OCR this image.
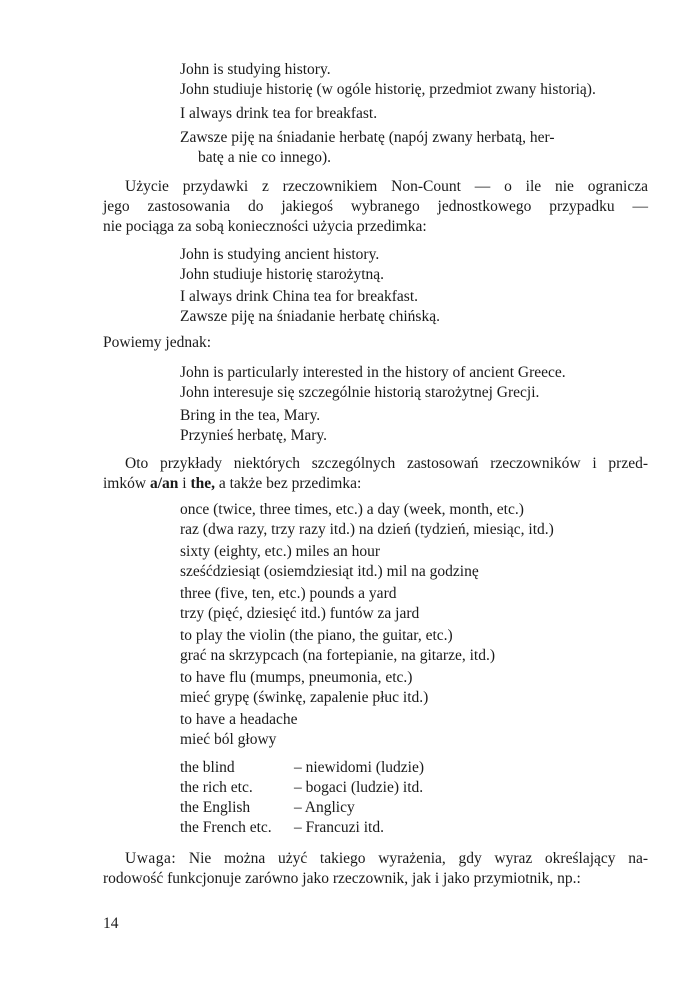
John is studying history.
John studiuje historię (w ogóle historię, przedmiot zwany historią).
I always drink tea for breakfast.
Zawsze piję na śniadanie herbatę (napój zwany herbatą, her-
batę a nie co innego).
Użycie przydawki z rzeczownikiem Non-Count — o ile nie ogranicza
jego zastosowania do jakiegoś wybranego jednostkowego przypadku —
nie pociąga za sobą konieczności użycia przedimka:
John is studying ancient history.
John studiuje historię starożytną.
I always drink China tea for breakfast.
Zawsze piję na śniadanie herbatę chińską.
Powiemy jednak:
John is particularly interested in the history of ancient Greece.
John interesuje się szczególnie historią starożytnej Grecji.
Bring in the tea, Mary.
Przynieś herbatę, Mary.
Oto przykłady niektórych szczególnych zastosowań rzeczowników i przed-
imków a/an i the, a także bez przedimka:
once (twice, three times, etc.) a day (week, month, etc.)
raz (dwa razy, trzy razy itd.) na dzień (tydzień, miesiąc, itd.)
sixty (eighty, etc.) miles an hour
sześćdziesiąt (osiemdziesiąt itd.) mil na godzinę
three (five, ten, etc.) pounds a yard
trzy (pięć, dziesięć itd.) funtów za jard
to play the violin (the piano, the guitar, etc.)
grać na skrzypcach (na fortepianie, na gitarze, itd.)
to have flu (mumps, pneumonia, etc.)
mieć grypę (świnkę, zapalenie płuc itd.)
to have a headache
mieć ból głowy
the blind	– niewidomi (ludzie)
the rich etc.	– bogaci (ludzie) itd.
the English	– Anglicy
the French etc.	– Francuzi itd.
Uwaga: Nie można użyć takiego wyrażenia, gdy wyraz określający na-
rodowość funkcjonuje zarówno jako rzeczownik, jak i jako przymiotnik, np.:
14
